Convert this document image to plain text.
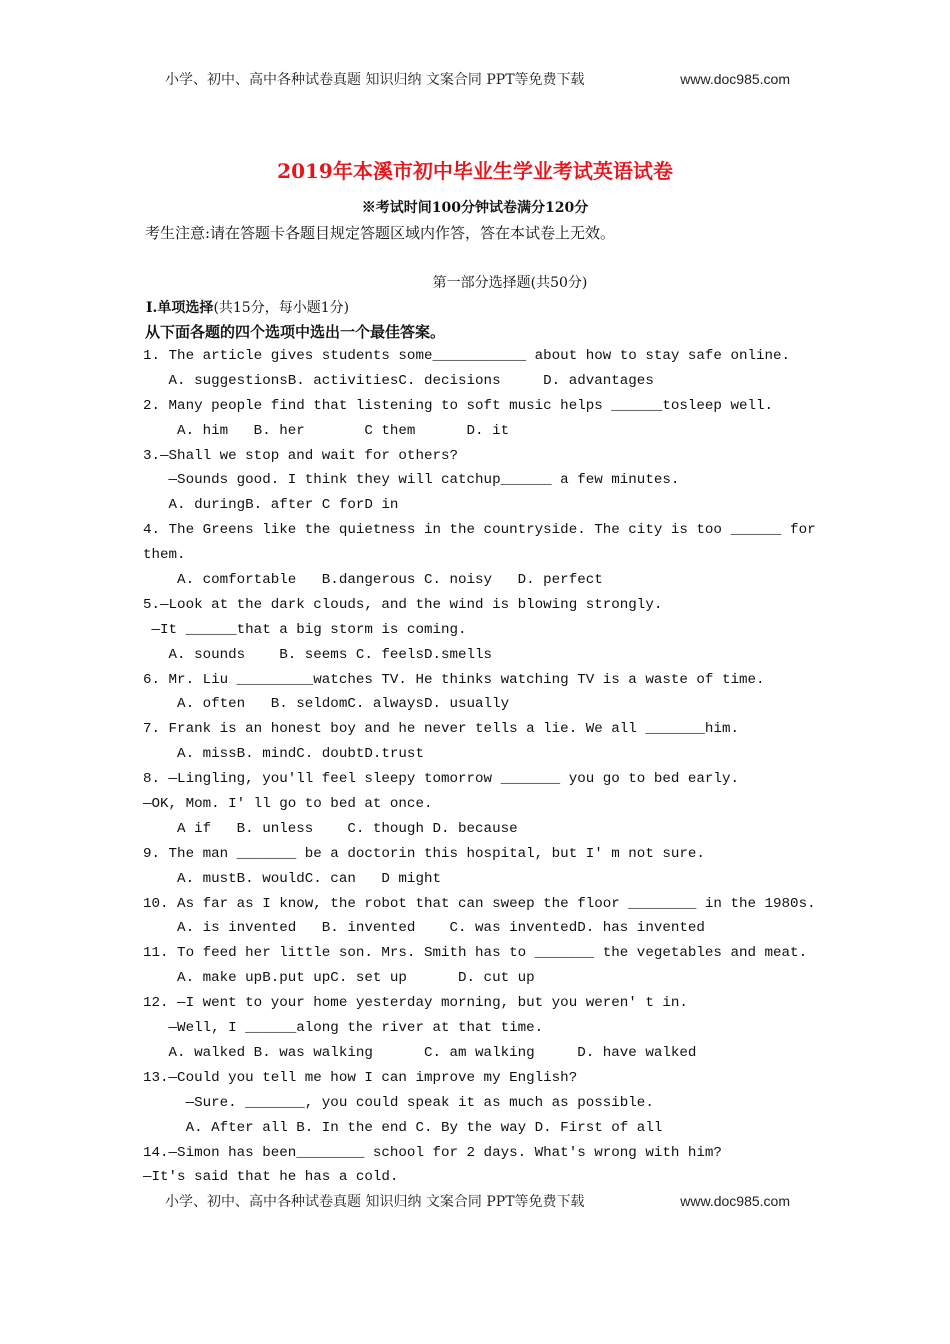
小学、初中、高中各种试卷真题 知识归纳 文案合同 PPT等免费下载	www.doc985.com
2019年本溪市初中毕业生学业考试英语试卷
※考试时间100分钟试卷满分120分
考生注意:请在答题卡各题目规定答题区域内作答，答在本试卷上无效。
第一部分选择题(共50分)
Ⅰ.单项选择(共15分，每小题1分)
从下面各题的四个选项中选出一个最佳答案。
1. The article gives students some___________ about how to stay safe online.
A. suggestionsB. activitiesC. decisions     D. advantages
2. Many people find that listening to soft music helps ______tosleep well.
A. him   B. her       C them      D. it
3.—Shall we stop and wait for others?
—Sounds good. I think they will catchup______ a few minutes.
A. duringB. after C forD in
4. The Greens like the quietness in the countryside. The city is too ______ for
them.
A. comfortable   B.dangerous C. noisy   D. perfect
5.—Look at the dark clouds, and the wind is blowing strongly.
—It ______that a big storm is coming.
A. sounds    B. seems C. feelsD.smells
6. Mr. Liu _________watches TV. He thinks watching TV is a waste of time.
A. often   B. seldomC. alwaysD. usually
7. Frank is an honest boy and he never tells a lie. We all _______him.
A. missB. mindC. doubtD.trust
8. —Lingling, you'll feel sleepy tomorrow _______ you go to bed early.
—OK, Mom. I' ll go to bed at once.
A if   B. unless    C. though D. because
9. The man _______ be a doctorin this hospital, but I' m not sure.
A. mustB. wouldC. can   D might
10. As far as I know, the robot that can sweep the floor ________ in the 1980s.
A. is invented   B. invented    C. was inventedD. has invented
11. To feed her little son. Mrs. Smith has to _______ the vegetables and meat.
A. make upB.put upC. set up      D. cut up
12. —I went to your home yesterday morning, but you weren' t in.
—Well, I ______along the river at that time.
A. walked B. was walking      C. am walking     D. have walked
13.—Could you tell me how I can improve my English?
—Sure. _______, you could speak it as much as possible.
A. After all B. In the end C. By the way D. First of all
14.—Simon has been________ school for 2 days. What's wrong with him?
—It's said that he has a cold.
小学、初中、高中各种试卷真题 知识归纳 文案合同 PPT等免费下载	www.doc985.com
